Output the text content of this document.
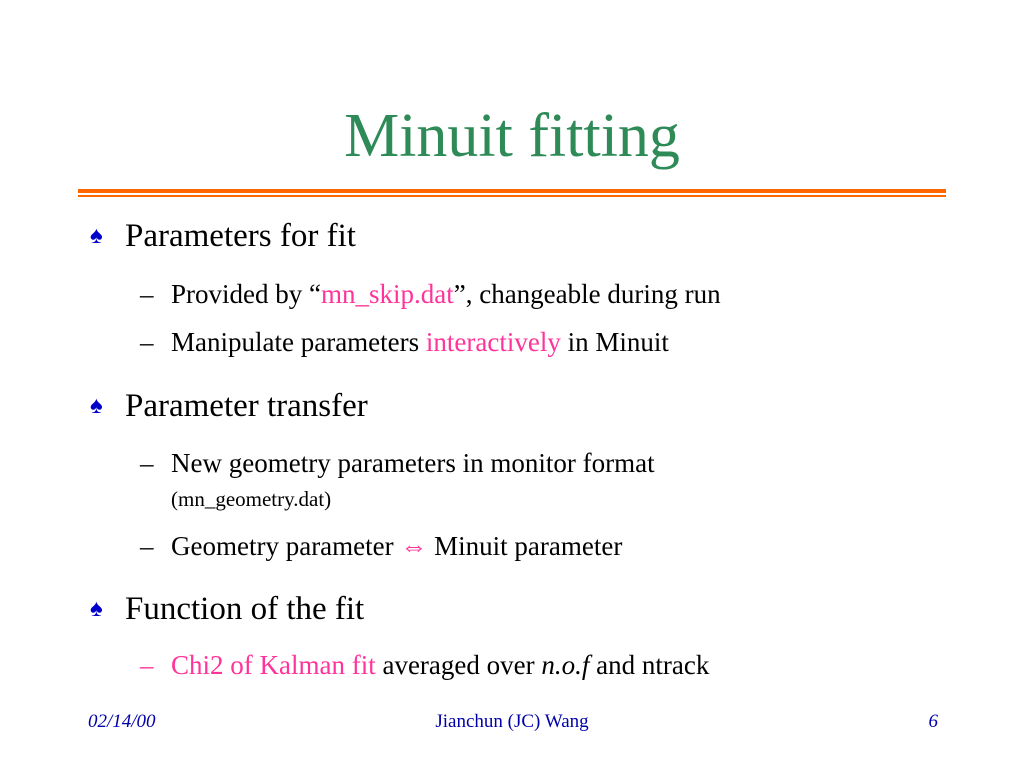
Minuit fitting
♠ Parameters for fit
– Provided by “mn_skip.dat”, changeable during run
– Manipulate parameters interactively in Minuit
♠ Parameter transfer
– New geometry parameters in monitor format
(mn_geometry.dat)
– Geometry parameter ⇔ Minuit parameter
♠ Function of the fit
– Chi2 of Kalman fit averaged over n.o.f and ntrack
Jianchun (JC) Wang
02/14/00	6
